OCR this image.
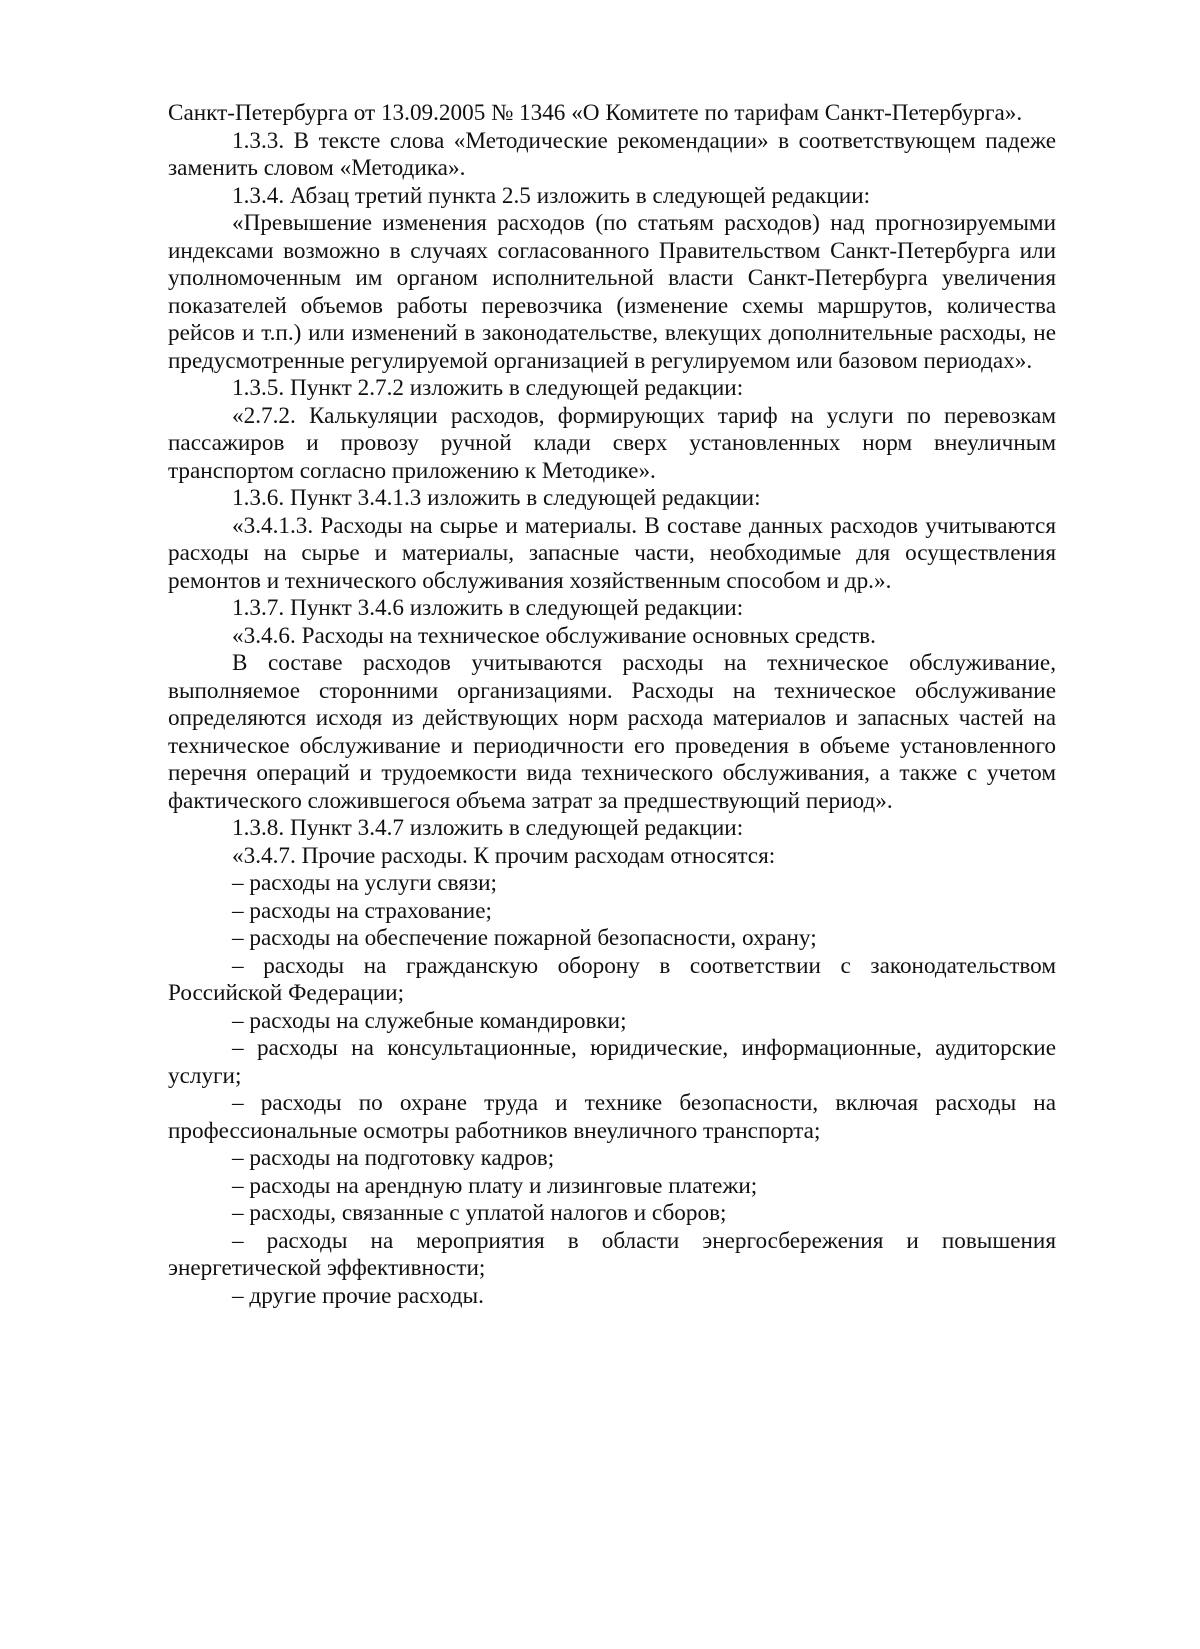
Санкт-Петербурга от 13.09.2005 № 1346 «О Комитете по тарифам Санкт-Петербурга».

1.3.3. В тексте слова «Методические рекомендации» в соответствующем падеже заменить словом «Методика».

1.3.4. Абзац третий пункта 2.5 изложить в следующей редакции:

«Превышение изменения расходов (по статьям расходов) над прогнозируемыми индексами возможно в случаях согласованного Правительством Санкт-Петербурга или уполномоченным им органом исполнительной власти Санкт-Петербурга увеличения показателей объемов работы перевозчика (изменение схемы маршрутов, количества рейсов и т.п.) или изменений в законодательстве, влекущих дополнительные расходы, не предусмотренные регулируемой организацией в регулируемом или базовом периодах».

1.3.5. Пункт 2.7.2 изложить в следующей редакции:

«2.7.2. Калькуляции расходов, формирующих тариф на услуги по перевозкам пассажиров и провозу ручной клади сверх установленных норм внеуличным транспортом согласно приложению к Методике».

1.3.6. Пункт 3.4.1.3 изложить в следующей редакции:

«3.4.1.3. Расходы на сырье и материалы. В составе данных расходов учитываются расходы на сырье и материалы, запасные части, необходимые для осуществления ремонтов и технического обслуживания хозяйственным способом и др.».

1.3.7. Пункт 3.4.6 изложить в следующей редакции:

«3.4.6. Расходы на техническое обслуживание основных средств.

В составе расходов учитываются расходы на техническое обслуживание, выполняемое сторонними организациями. Расходы на техническое обслуживание определяются исходя из действующих норм расхода материалов и запасных частей на техническое обслуживание и периодичности его проведения в объеме установленного перечня операций и трудоемкости вида технического обслуживания, а также с учетом фактического сложившегося объема затрат за предшествующий период».

1.3.8. Пункт 3.4.7 изложить в следующей редакции:

«3.4.7. Прочие расходы. К прочим расходам относятся:

– расходы на услуги связи;

– расходы на страхование;

– расходы на обеспечение пожарной безопасности, охрану;

– расходы на гражданскую оборону в соответствии с законодательством Российской Федерации;

– расходы на служебные командировки;

– расходы на консультационные, юридические, информационные, аудиторские услуги;

– расходы по охране труда и технике безопасности, включая расходы на профессиональные осмотры работников внеуличного транспорта;

– расходы на подготовку кадров;

– расходы на арендную плату и лизинговые платежи;

– расходы, связанные с уплатой налогов и сборов;

– расходы на мероприятия в области энергосбережения и повышения энергетической эффективности;

– другие прочие расходы.
